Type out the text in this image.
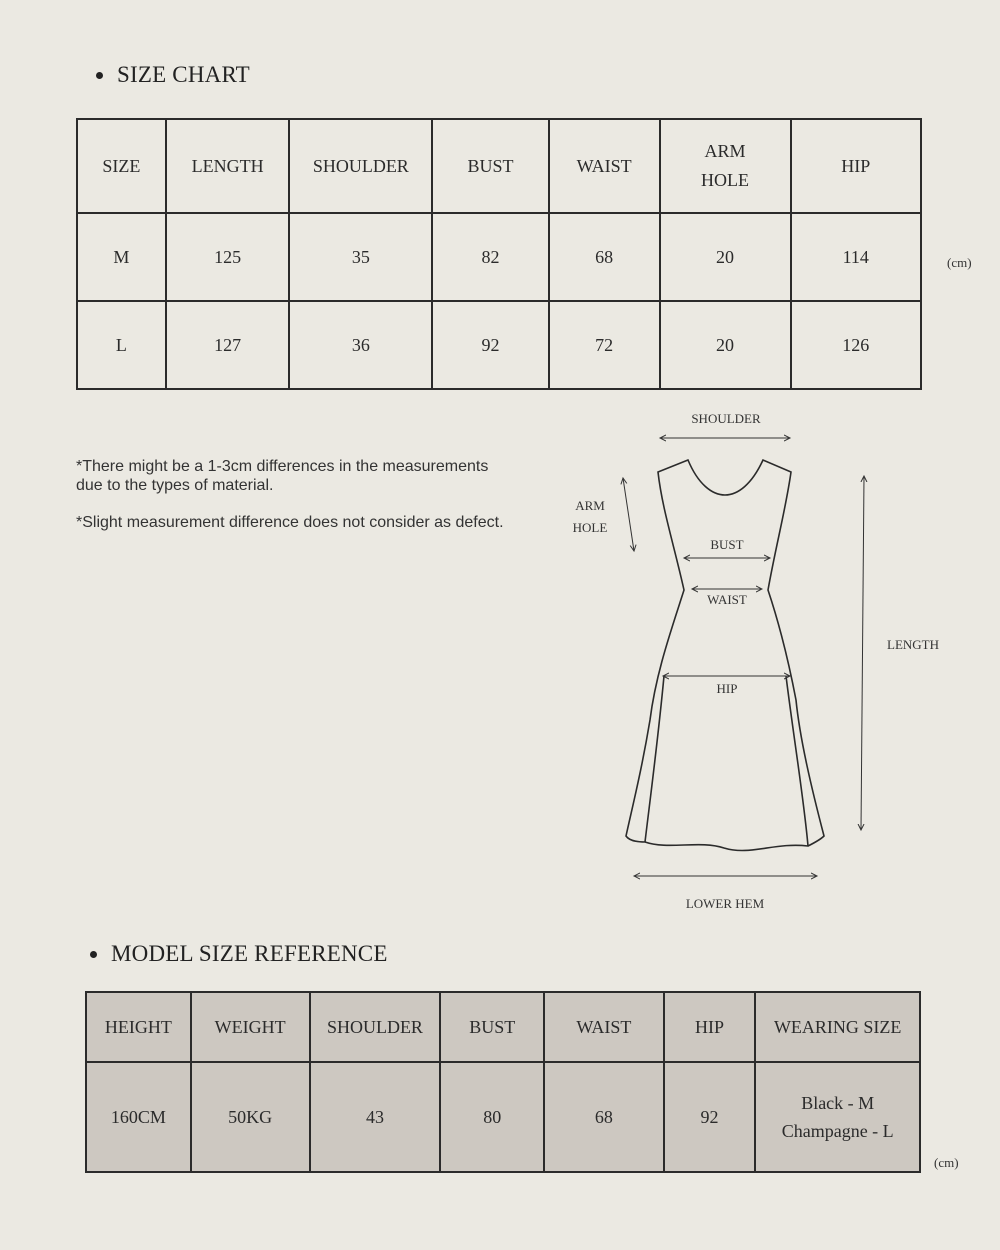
SIZE CHART
SIZE	LENGTH	SHOULDER	BUST	WAIST	ARM HOLE	HIP
M	125	35	82	68	20	114
L	127	36	92	72	20	126
(cm)

*There might be a 1-3cm differences in the measurements due to the types of material.

*Slight measurement difference does not consider as defect.

SHOULDER
ARM
HOLE
BUST
WAIST
HIP
LENGTH
LOWER HEM
MODEL SIZE REFERENCE
HEIGHT	WEIGHT	SHOULDER	BUST	WAIST	HIP	WEARING SIZE
160CM	50KG	43	80	68	92	Black - M
Champagne - L
(cm)
